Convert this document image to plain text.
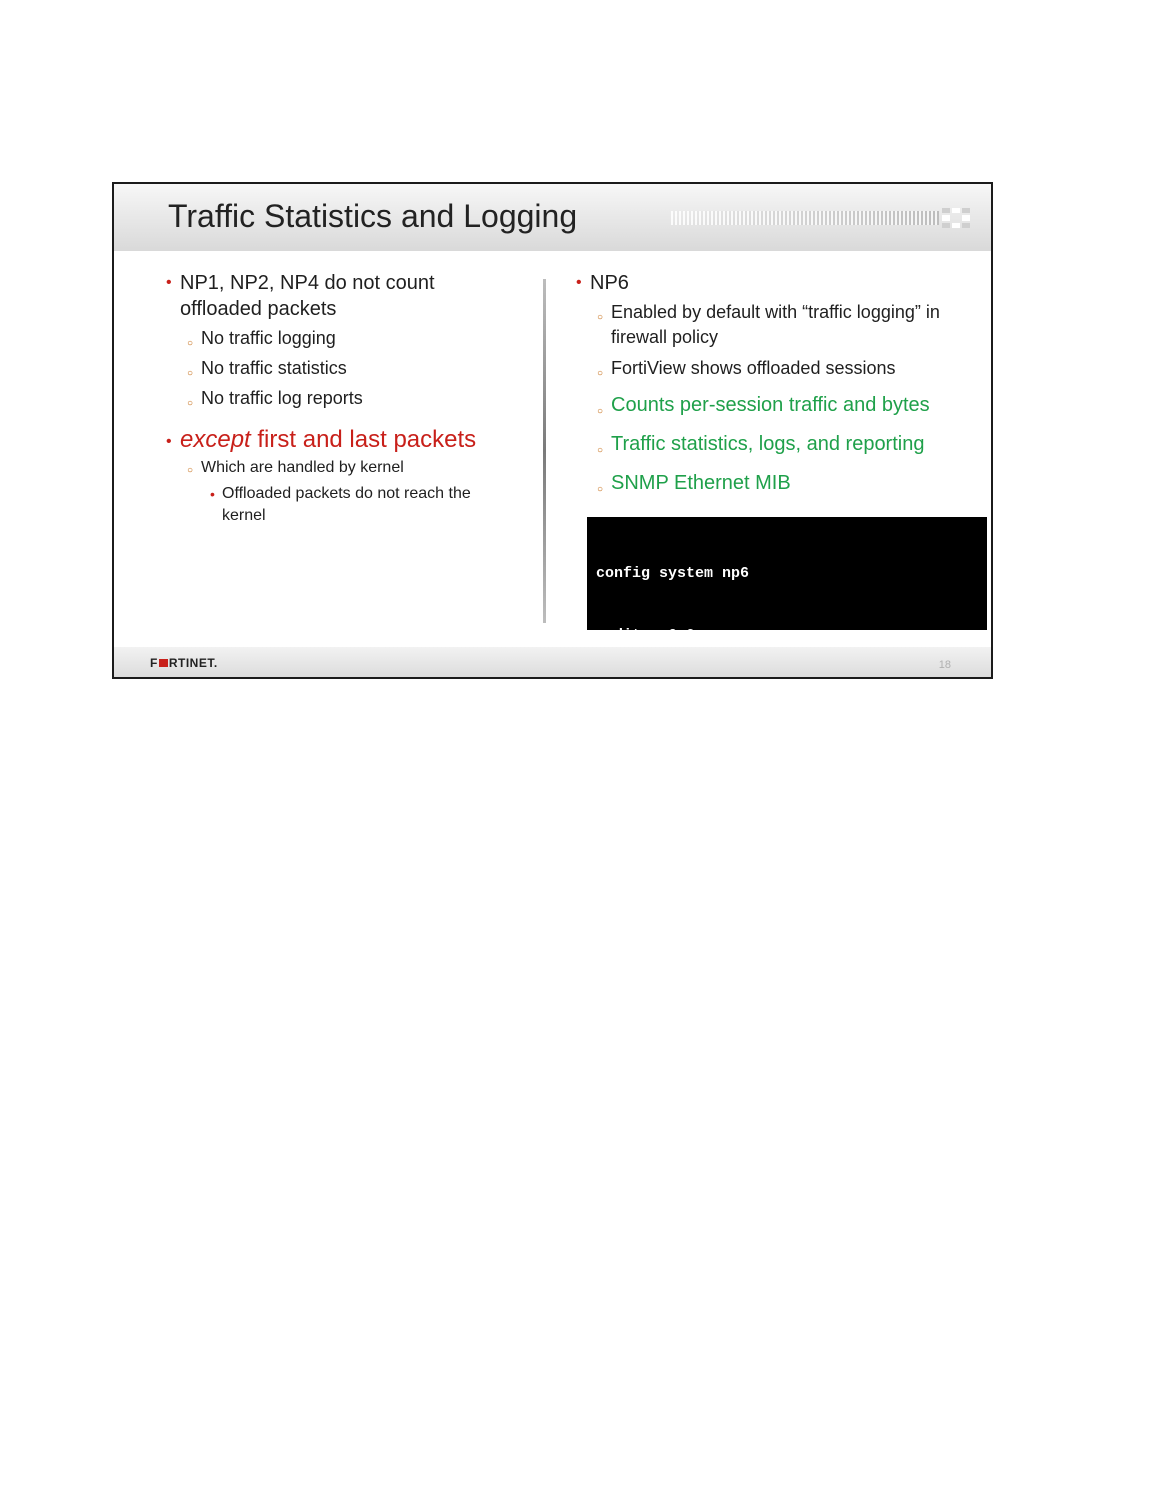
Traffic Statistics and Logging
• NP1, NP2, NP4 do not count
offloaded packets
○ No traffic logging
○ No traffic statistics
○ No traffic log reports
• except first and last packets
○ Which are handled by kernel
• Offloaded packets do not reach the
kernel
• NP6
○ Enabled by default with “traffic logging” in
firewall policy
○ FortiView shows offloaded sessions
○ Counts per-session traffic and bytes
○ Traffic statistics, logs, and reporting
○ SNMP Ethernet MIB

config system np6

edit np6_0

set per-session-accounting

[disable|all-enable|enable-by-log]

next

F RTINET.	18
